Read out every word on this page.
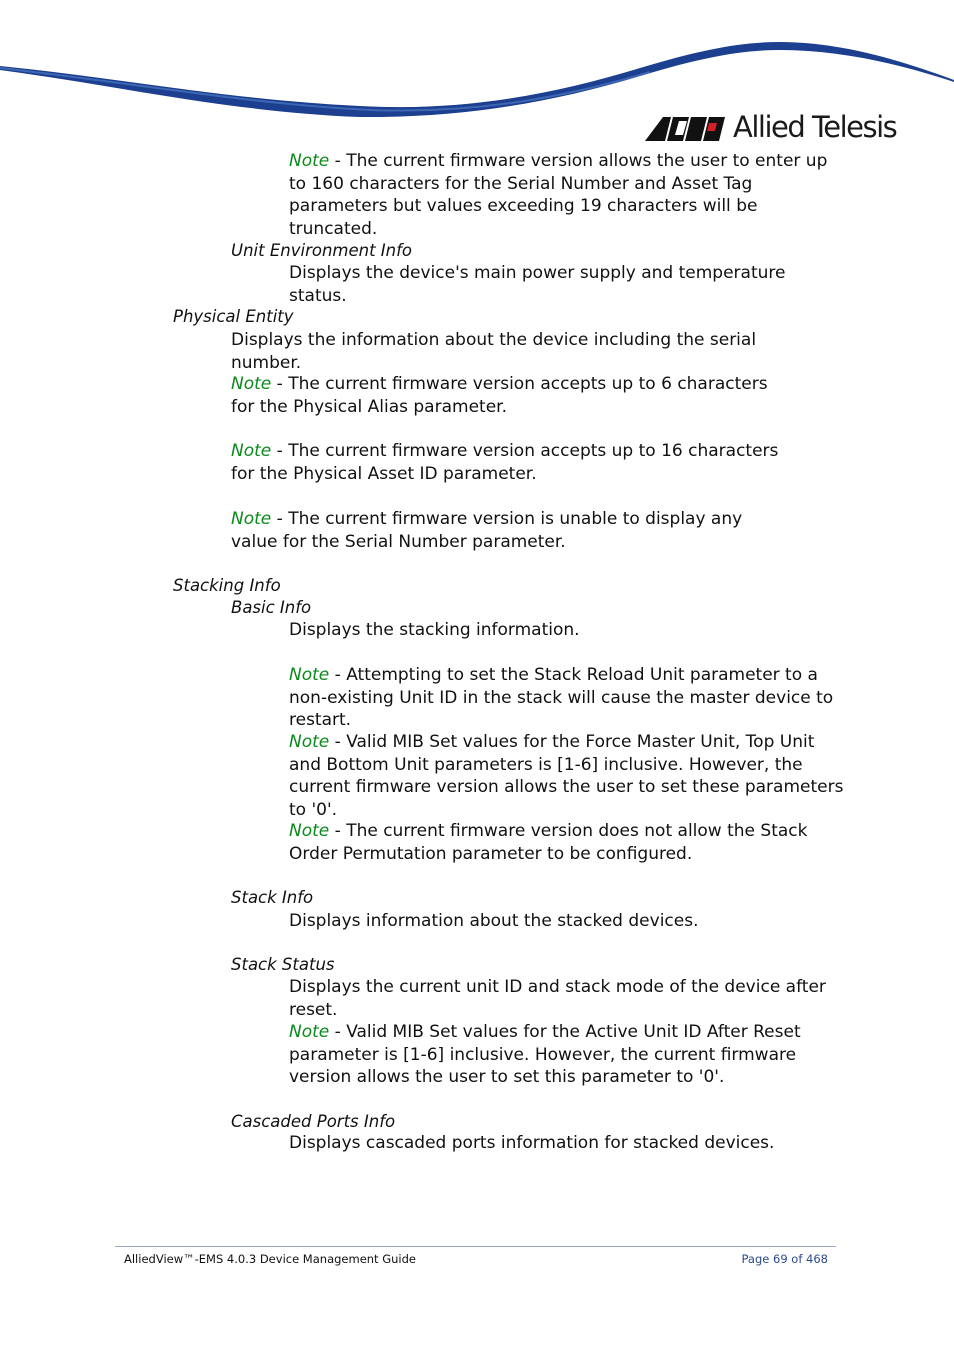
Allied Telesis
Note - The current firmware version allows the user to enter up to 160 characters for the Serial Number and Asset Tag parameters but values exceeding 19 characters will be truncated.
Unit Environment Info
Displays the device's main power supply and temperature status.
Physical Entity
Displays the information about the device including the serial number.
Note - The current firmware version accepts up to 6 characters for the Physical Alias parameter.
Note - The current firmware version accepts up to 16 characters for the Physical Asset ID parameter.
Note - The current firmware version is unable to display any value for the Serial Number parameter.
Stacking Info
Basic Info
Displays the stacking information.
Note - Attempting to set the Stack Reload Unit parameter to a non-existing Unit ID in the stack will cause the master device to restart.
Note - Valid MIB Set values for the Force Master Unit, Top Unit and Bottom Unit parameters is [1-6] inclusive. However, the current firmware version allows the user to set these parameters to '0'.
Note - The current firmware version does not allow the Stack Order Permutation parameter to be configured.
Stack Info
Displays information about the stacked devices.
Stack Status
Displays the current unit ID and stack mode of the device after reset.
Note - Valid MIB Set values for the Active Unit ID After Reset parameter is [1-6] inclusive. However, the current firmware version allows the user to set this parameter to '0'.
Cascaded Ports Info
Displays cascaded ports information for stacked devices.
AlliedView™-EMS 4.0.3 Device Management Guide	Page 69 of 468
